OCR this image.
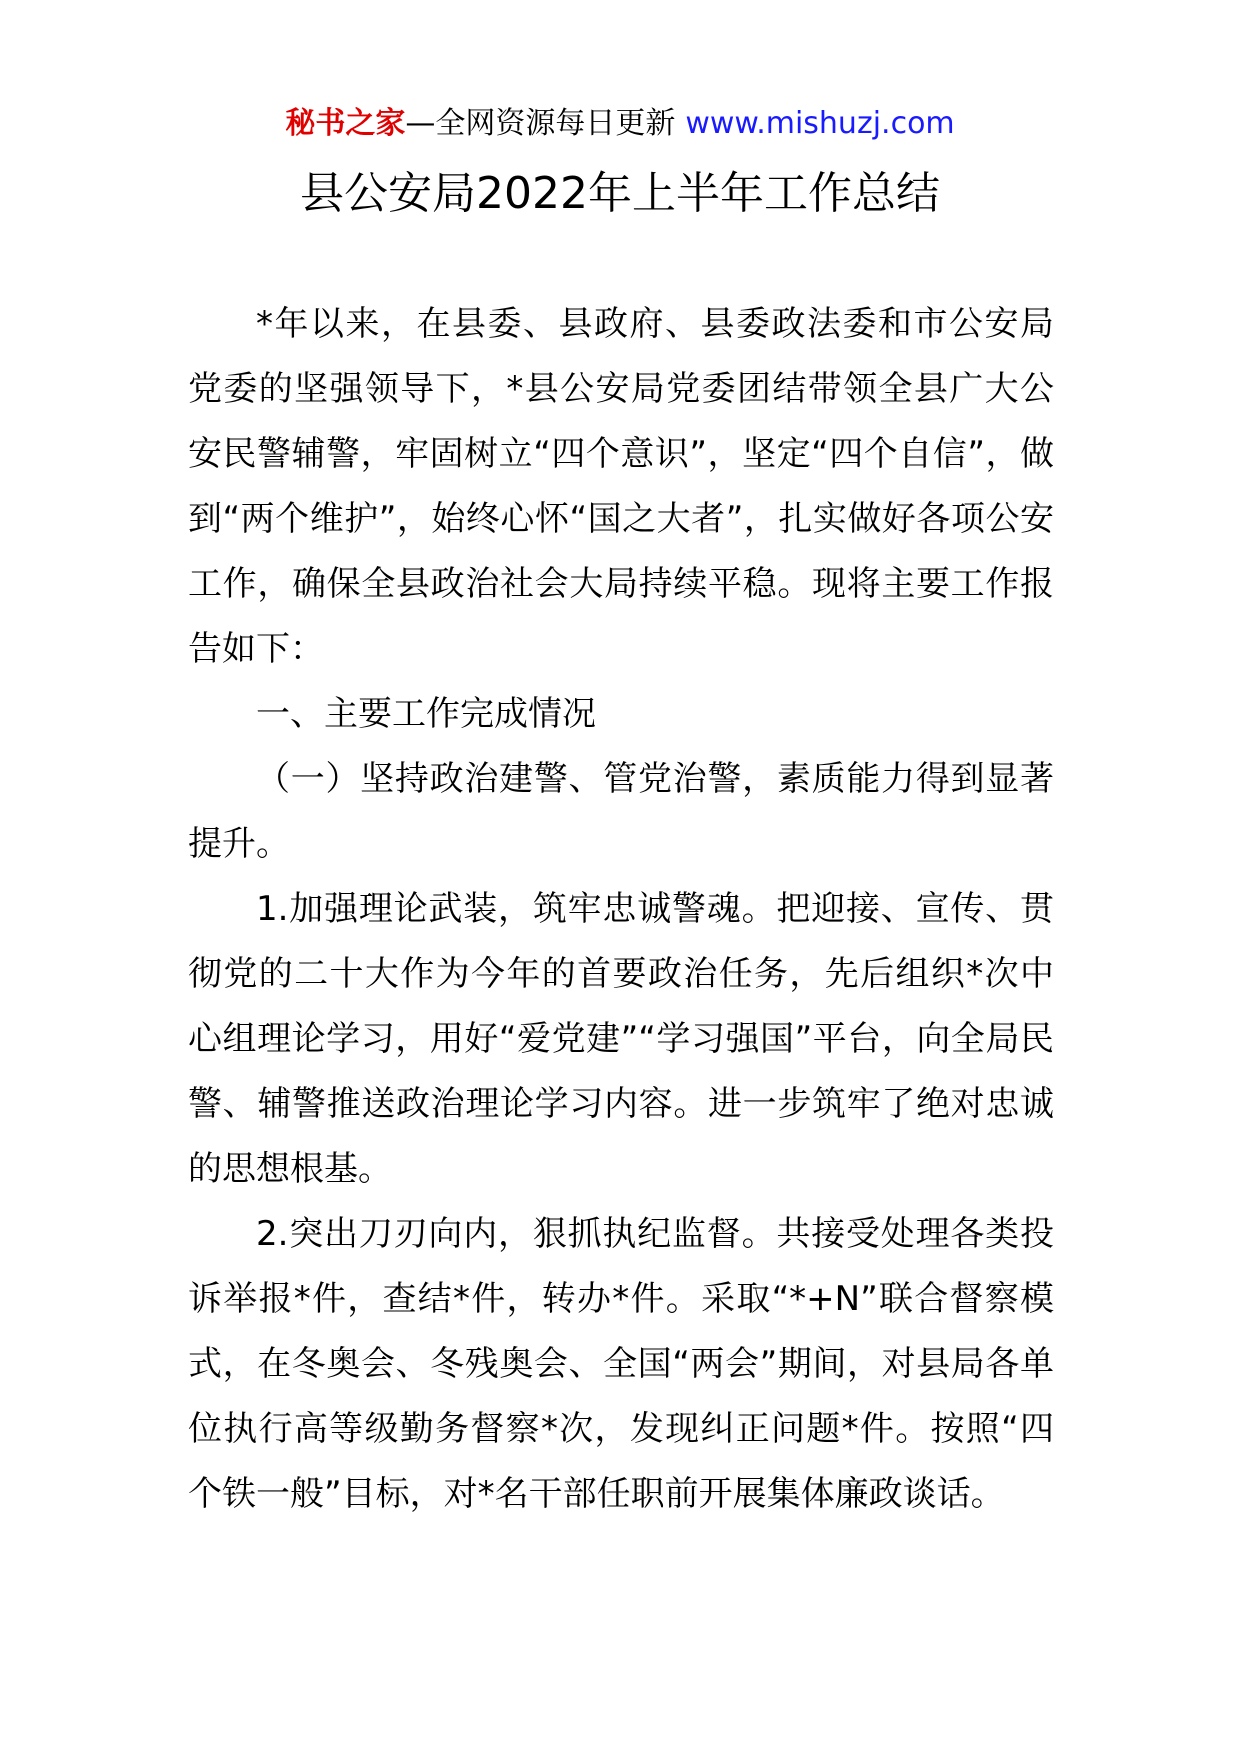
秘书之家—全网资源每日更新 www.mishuzj.com
县公安局2022年上半年工作总结

*年以来，在县委、县政府、县委政法委和市公安局党委的坚强领导下，*县公安局党委团结带领全县广大公安民警辅警，牢固树立“四个意识”，坚定“四个自信”，做到“两个维护”，始终心怀“国之大者”，扎实做好各项公安工作，确保全县政治社会大局持续平稳。现将主要工作报告如下：

一、主要工作完成情况

（一）坚持政治建警、管党治警，素质能力得到显著提升。

1.加强理论武装，筑牢忠诚警魂。把迎接、宣传、贯彻党的二十大作为今年的首要政治任务，先后组织*次中心组理论学习，用好“爱党建”“学习强国”平台，向全局民警、辅警推送政治理论学习内容。进一步筑牢了绝对忠诚的思想根基。

2.突出刀刃向内，狠抓执纪监督。共接受处理各类投诉举报*件，查结*件，转办*件。采取“*+N”联合督察模式，在冬奥会、冬残奥会、全国“两会”期间，对县局各单位执行高等级勤务督察*次，发现纠正问题*件。按照“四个铁一般”目标，对*名干部任职前开展集体廉政谈话。
